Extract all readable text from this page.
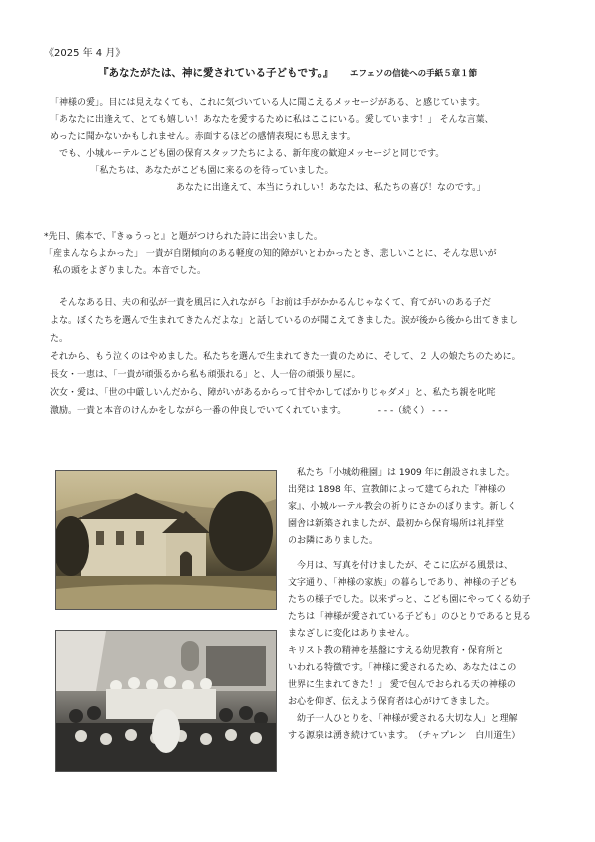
《2025 年 4 月》
『あなたがたは、神に愛されている子どもです。』 エフェソの信徒への手紙５章１節
「神様の愛」。目には見えなくても、これに気づいている人に聞こえるメッセージがある、と感じています。
「あなたに出逢えて、とても嬉しい！あなたを愛するために私はここにいる。愛しています！」 そんな言葉、
めったに聞かないかもしれません。赤面するほどの感情表現にも思えます。
　でも、小城ルーテルこども園の保育スタッフたちによる、新年度の歓迎メッセージと同じです。
　　　　　「私たちは、あなたがこども園に来るのを待っていました。
　　　　　　　　　　　　　　あなたに出逢えて、本当にうれしい！あなたは、私たちの喜び！なのです。」
*先日、熊本で、『きゅうっと』と題がつけられた詩に出会いました。
「産まんならよかった」 一貴が自閉傾向のある軽度の知的障がいとわかったとき、悲しいことに、そんな思いが
　私の頭をよぎりました。本音でした。
　そんなある日、夫の和弘が一貴を風呂に入れながら「お前は手がかかるんじゃなくて、育てがいのある子だ
よな。ぼくたちを選んで生まれてきたんだよな」と話しているのが聞こえてきました。涙が後から後から出てきまし
た。
それから、もう泣くのはやめました。私たちを選んで生まれてきた一貴のために、そして、２ 人の娘たちのために。
長女・一恵は、「一貴が頑張るから私も頑張れる」と、人一倍の頑張り屋に。
次女・愛は、「世の中厳しいんだから、障がいがあるからって甘やかしてばかりじゃダメ」と、私たち親を叱咤
激励。一貴と本音のけんかをしながら一番の仲良しでいてくれています。　　　　- - -（続く） - - -
　私たち「小城幼稚園」は 1909 年に創設されました。
出発は 1898 年、宣教師によって建てられた『神様の
家』、小城ルーテル教会の祈りにさかのぼります。新しく
園舎は新築されましたが、最初から保育場所は礼拝堂
のお隣にありました。
　今月は、写真を付けましたが、そこに広がる風景は、
文字通り、「神様の家族」の暮らしであり、神様の子ども
たちの様子でした。以来ずっと、こども園にやってくる幼子
たちは「神様が愛されている子ども」のひとりであると見る
まなざしに変化はありません。
キリスト教の精神を基盤にすえる幼児教育・保育所と
いわれる特徴です。「神様に愛されるため、あなたはこの
世界に生まれてきた！」 愛で包んでおられる天の神様の
お心を仰ぎ、伝えよう保育者は心がけてきました。
　幼子一人ひとりを、「神様が愛される大切な人」と理解
する源泉は湧き続けています。　（チャプレン　白川道生）
